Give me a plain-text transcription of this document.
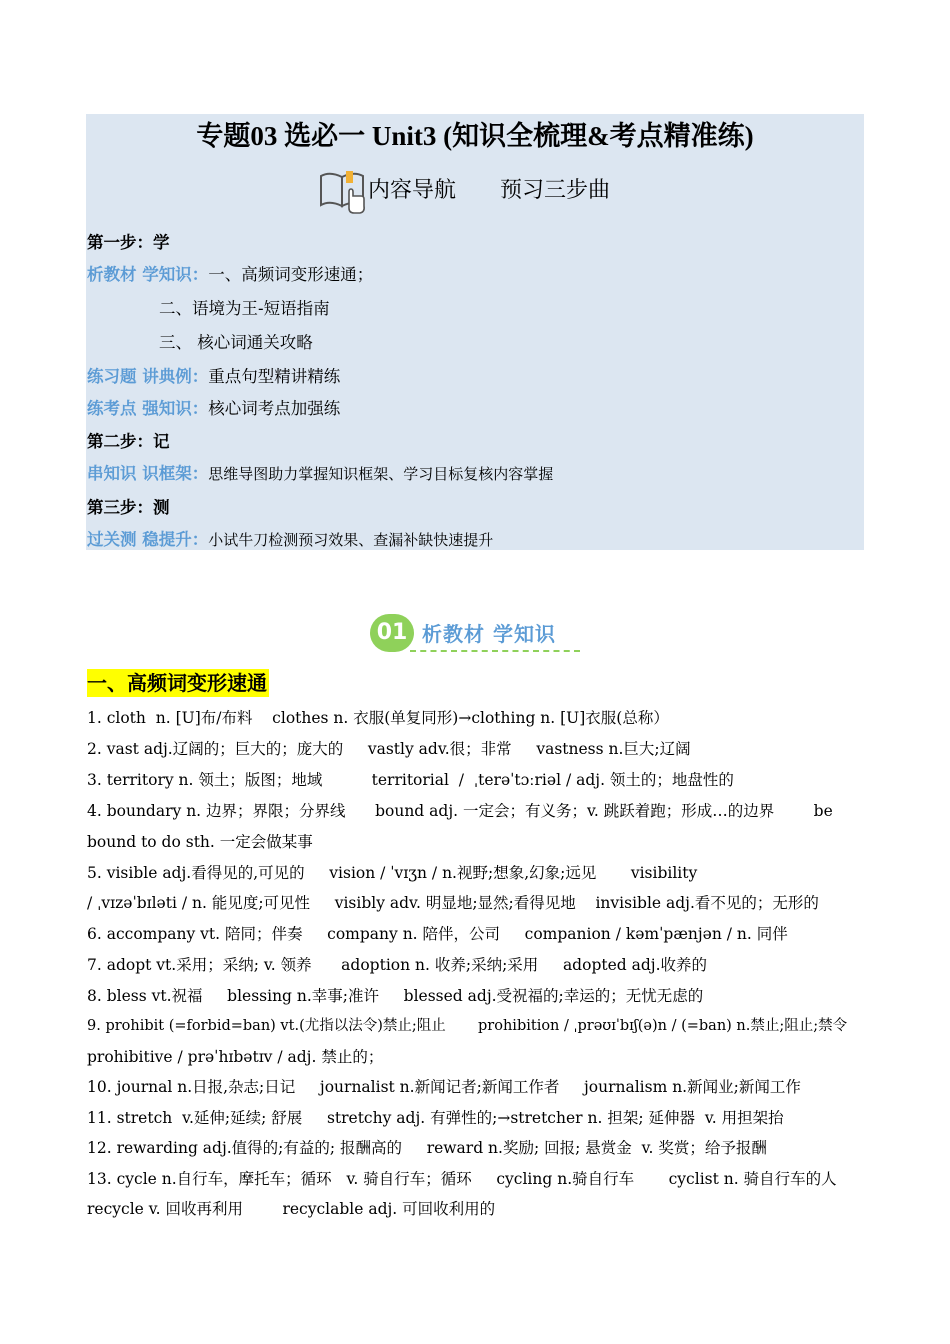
专题03 选必一 Unit3 (知识全梳理&考点精准练)
内容导航　　预习三步曲
第一步：学
析教材 学知识：一、高频词变形速通；
二、语境为王-短语指南
三、 核心词通关攻略
练习题 讲典例：重点句型精讲精练
练考点 强知识：核心词考点加强练
第二步：记
串知识 识框架：思维导图助力掌握知识框架、学习目标复核内容掌握
第三步：测
过关测 稳提升：小试牛刀检测预习效果、查漏补缺快速提升
01 析教材 学知识
一、高频词变形速通
1. cloth  n. [U]布/布料    clothes n. 衣服(单复同形)→clothing n. [U]衣服(总称）
2. vast adj.辽阔的；巨大的；庞大的     vastly adv.很；非常     vastness n.巨大;辽阔
3. territory n. 领土；版图；地域          territorial  /  ˌterəˈtɔːriəl / adj. 领土的；地盘性的
4. boundary n. 边界；界限；分界线      bound adj. 一定会；有义务；v. 跳跃着跑；形成…的边界        be
bound to do sth. 一定会做某事
5. visible adj.看得见的,可见的     vision / ˈvɪʒn / n.视野;想象,幻象;远见       visibility
/ ˌvɪzəˈbɪləti / n. 能见度;可见性     visibly adv. 明显地;显然;看得见地    invisible adj.看不见的；无形的
6. accompany vt. 陪同；伴奏     company n. 陪伴，公司     companion / kəmˈpænjən / n. 同伴
7. adopt vt.采用；采纳; v. 领养      adoption n. 收养;采纳;采用     adopted adj.收养的
8. bless vt.祝福     blessing n.幸事;准许     blessed adj.受祝福的;幸运的；无忧无虑的
9. prohibit (=forbid=ban) vt.(尤指以法令)禁止;阻止       prohibition / ˌprəʊɪˈbɪʃ(ə)n / (=ban) n.禁止;阻止;禁令
prohibitive / prəˈhɪbətɪv / adj. 禁止的；
10. journal n.日报,杂志;日记     journalist n.新闻记者;新闻工作者     journalism n.新闻业;新闻工作
11. stretch  v.延伸;延续; 舒展     stretchy adj. 有弹性的;→stretcher n. 担架; 延伸器  v. 用担架抬
12. rewarding adj.值得的;有益的; 报酬高的     reward n.奖励; 回报; 悬赏金  v. 奖赏；给予报酬
13. cycle n.自行车，摩托车；循环   v. 骑自行车；循环     cycling n.骑自行车       cyclist n. 骑自行车的人
recycle v. 回收再利用        recyclable adj. 可回收利用的
